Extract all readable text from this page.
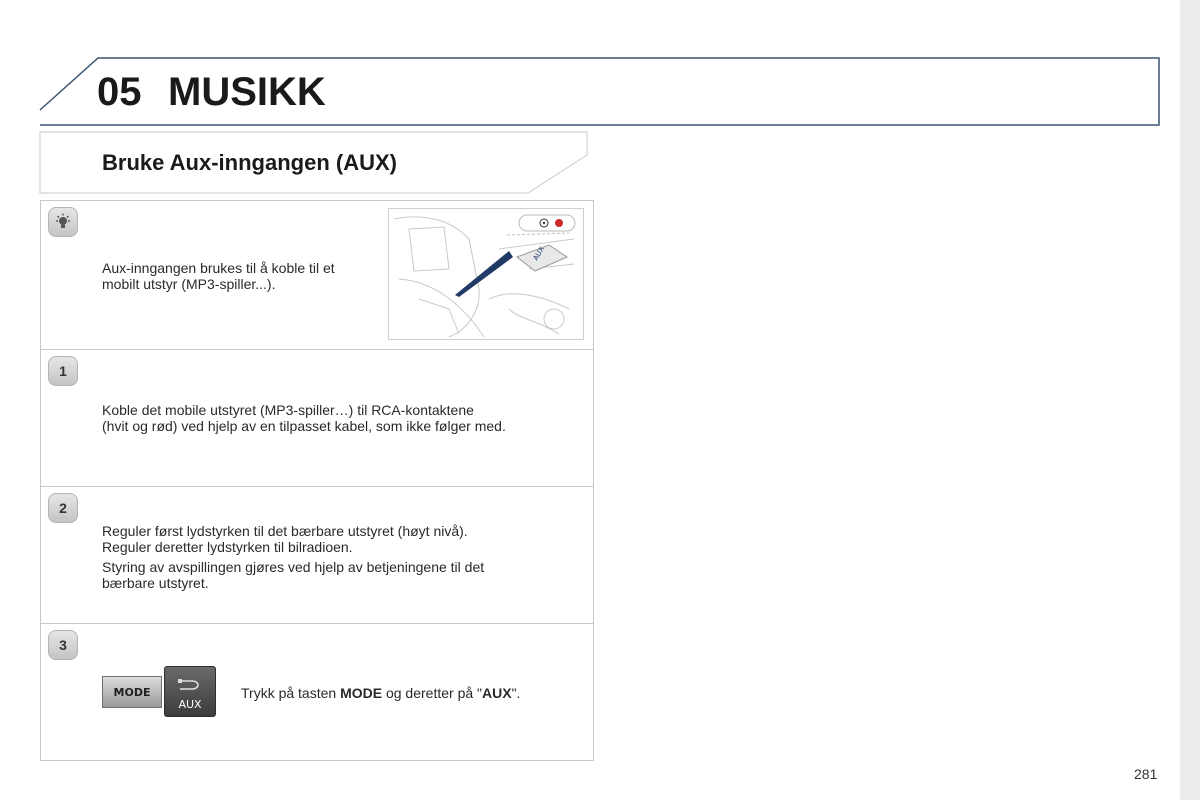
05 MUSIKK
Bruke Aux-inngangen (AUX)
Aux-inngangen brukes til å koble til et
mobilt utstyr (MP3-spiller...).
AUX
1
Koble det mobile utstyret (MP3-spiller…) til RCA-kontaktene
(hvit og rød) ved hjelp av en tilpasset kabel, som ikke følger med.
2

Reguler først lydstyrken til det bærbare utstyret (høyt nivå).
Reguler deretter lydstyrken til bilradioen.

Styring av avspillingen gjøres ved hjelp av betjeningene til det
bærbare utstyret.

3
MODE
AUX
Trykk på tasten MODE og deretter på "AUX".
281
